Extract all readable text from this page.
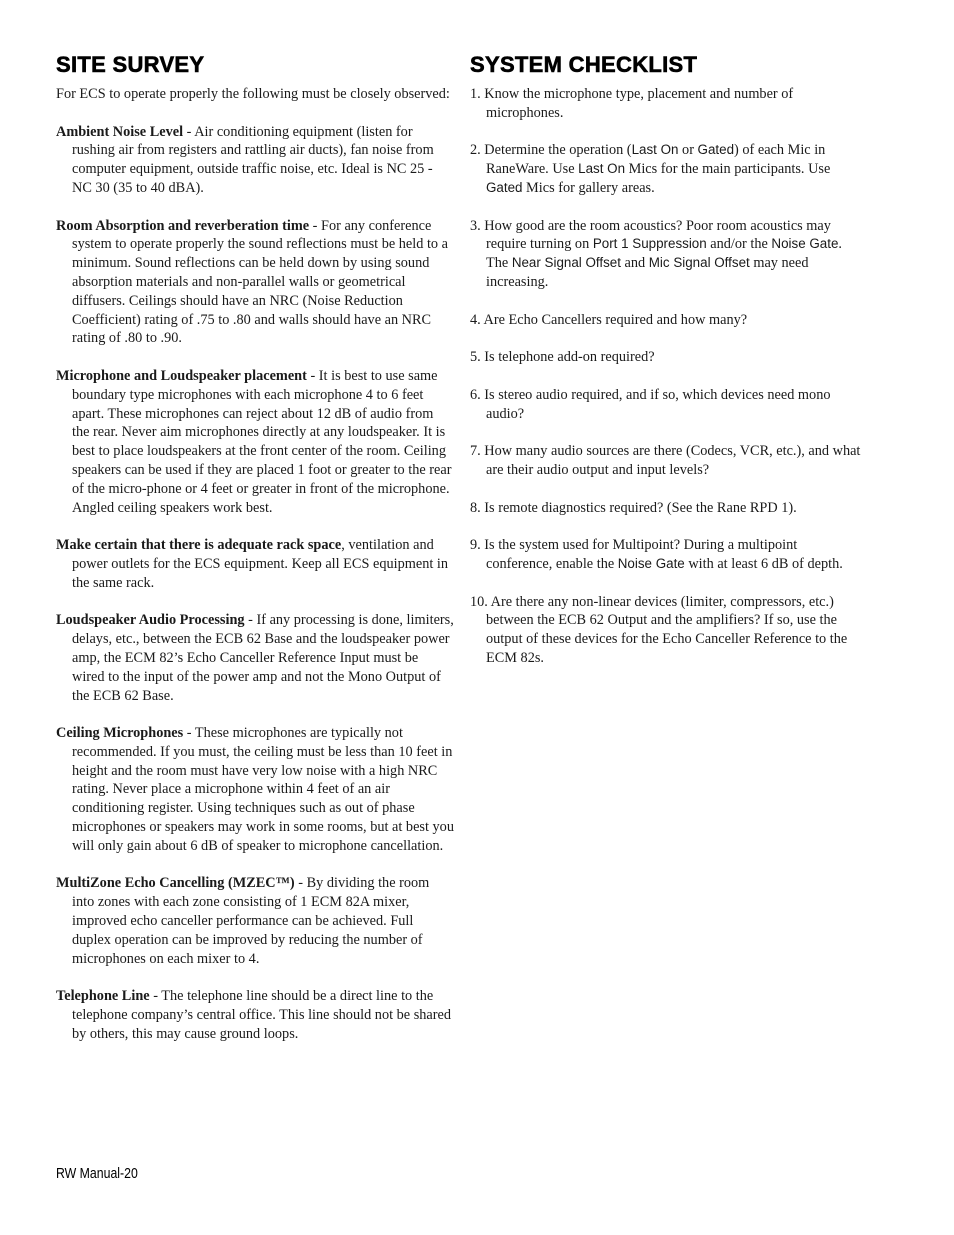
SITE SURVEY

For ECS to operate properly the following must be closely observed:

Ambient Noise Level - Air conditioning equipment (listen for rushing air from registers and rattling air ducts), fan noise from computer equipment, outside traffic noise, etc. Ideal is NC 25 - NC 30 (35 to 40 dBA).

Room Absorption and reverberation time - For any conference system to operate properly the sound reflections must be held to a minimum. Sound reflections can be held down by using sound absorption materials and non-parallel walls or geometrical diffusers. Ceilings should have an NRC (Noise Reduction Coefficient) rating of .75 to .80 and walls should have an NRC rating of .80 to .90.

Microphone and Loudspeaker placement - It is best to use same boundary type microphones with each microphone 4 to 6 feet apart. These microphones can reject about 12 dB of audio from the rear. Never aim microphones directly at any loudspeaker. It is best to place loudspeakers at the front center of the room. Ceiling speakers can be used if they are placed 1 foot or greater to the rear of the micro-phone or 4 feet or greater in front of the microphone. Angled ceiling speakers work best.

Make certain that there is adequate rack space, ventilation and power outlets for the ECS equipment. Keep all ECS equipment in the same rack.

Loudspeaker Audio Processing - If any processing is done, limiters, delays, etc., between the ECB 62 Base and the loudspeaker power amp, the ECM 82’s Echo Canceller Reference Input must be wired to the input of the power amp and not the Mono Output of the ECB 62 Base.

Ceiling Microphones - These microphones are typically not recommended. If you must, the ceiling must be less than 10 feet in height and the room must have very low noise with a high NRC rating. Never place a microphone within 4 feet of an air conditioning register. Using techniques such as out of phase microphones or speakers may work in some rooms, but at best you will only gain about 6 dB of speaker to microphone cancellation.

MultiZone Echo Cancelling (MZEC™) - By dividing the room into zones with each zone consisting of 1 ECM 82A mixer, improved echo canceller performance can be achieved. Full duplex operation can be improved by reducing the number of microphones on each mixer to 4.

Telephone Line - The telephone line should be a direct line to the telephone company’s central office. This line should not be shared by others, this may cause ground loops.

SYSTEM CHECKLIST

1. Know the microphone type, placement and number of microphones.

2. Determine the operation (Last On or Gated) of each Mic in RaneWare. Use Last On Mics for the main participants. Use Gated Mics for gallery areas.

3. How good are the room acoustics? Poor room acoustics may require turning on Port 1 Suppression and/or the Noise Gate. The Near Signal Offset and Mic Signal Offset may need increasing.

4. Are Echo Cancellers required and how many?

5. Is telephone add-on required?

6. Is stereo audio required, and if so, which devices need mono audio?

7. How many audio sources are there (Codecs, VCR, etc.), and what are their audio output and input levels?

8. Is remote diagnostics required? (See the Rane RPD 1).

9. Is the system used for Multipoint? During a multipoint conference, enable the Noise Gate with at least 6 dB of depth.

10. Are there any non-linear devices (limiter, compressors, etc.) between the ECB 62 Output and the amplifiers? If so, use the output of these devices for the Echo Canceller Reference to the ECM 82s.

RW Manual-20
